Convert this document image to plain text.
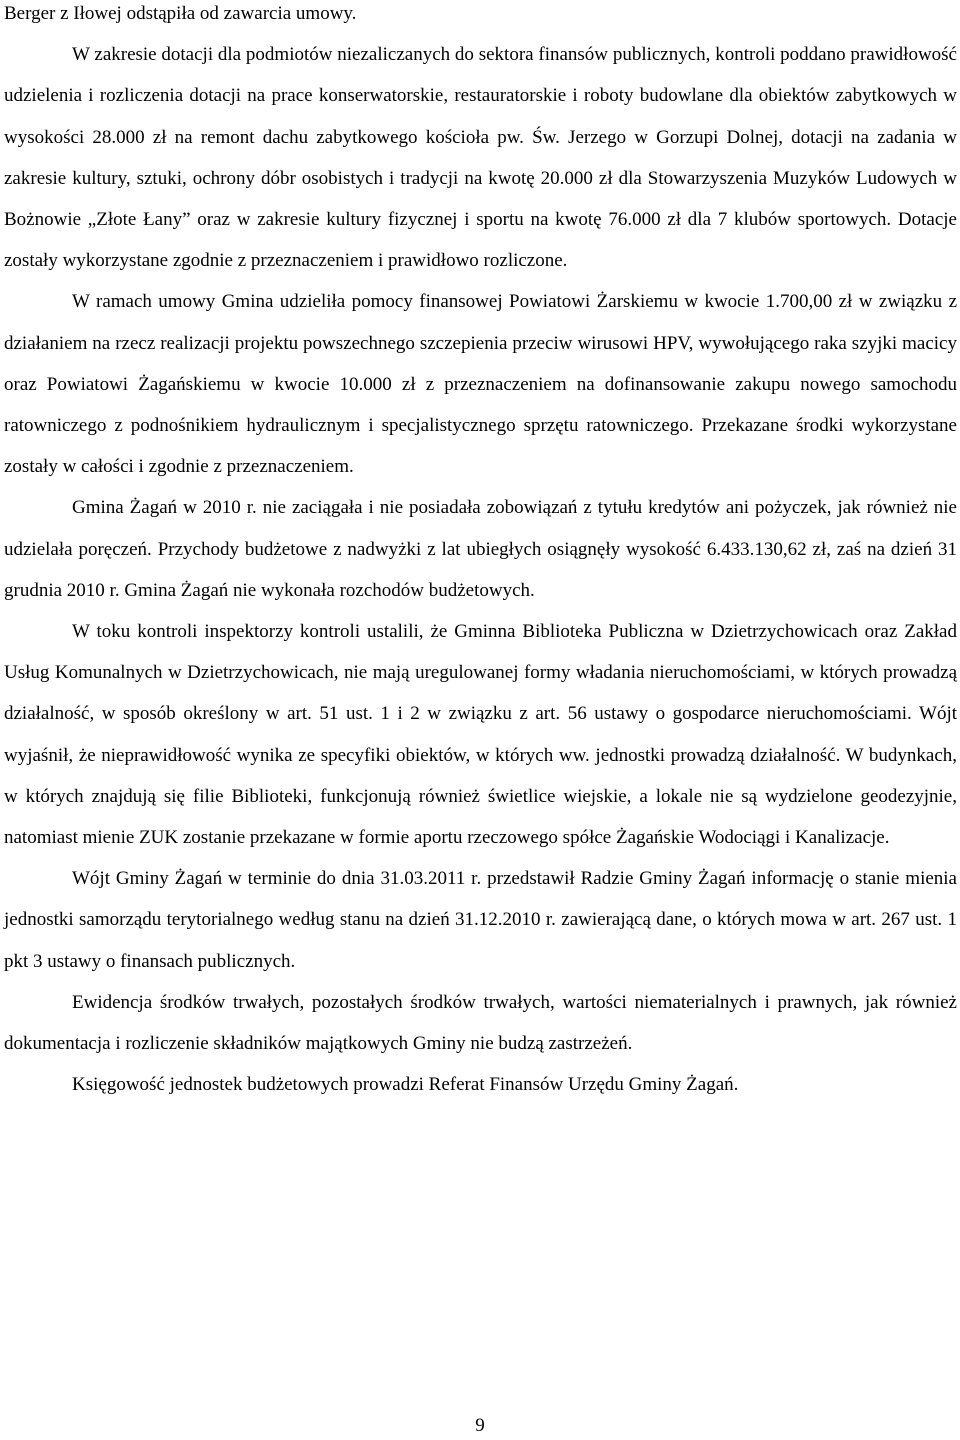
Berger z Iłowej odstąpiła od zawarcia umowy.

W zakresie dotacji dla podmiotów niezaliczanych do sektora finansów publicznych, kontroli poddano prawidłowość udzielenia i rozliczenia dotacji na prace konserwatorskie, restauratorskie i roboty budowlane dla obiektów zabytkowych w wysokości 28.000 zł na remont dachu zabytkowego kościoła pw. Św. Jerzego w Gorzupi Dolnej, dotacji na zadania w zakresie kultury, sztuki, ochrony dóbr osobistych i tradycji na kwotę 20.000 zł dla Stowarzyszenia Muzyków Ludowych w Bożnowie „Złote Łany” oraz w zakresie kultury fizycznej i sportu na kwotę 76.000 zł dla 7 klubów sportowych. Dotacje zostały wykorzystane zgodnie z przeznaczeniem i prawidłowo rozliczone.

W ramach umowy Gmina udzieliła pomocy finansowej Powiatowi Żarskiemu w kwocie 1.700,00 zł w związku z działaniem na rzecz realizacji projektu powszechnego szczepienia przeciw wirusowi HPV, wywołującego raka szyjki macicy oraz Powiatowi Żagańskiemu w kwocie 10.000 zł z przeznaczeniem na dofinansowanie zakupu nowego samochodu ratowniczego z podnośnikiem hydraulicznym i specjalistycznego sprzętu ratowniczego. Przekazane środki wykorzystane zostały w całości i zgodnie z przeznaczeniem.

Gmina Żagań w 2010 r. nie zaciągała i nie posiadała zobowiązań z tytułu kredytów ani pożyczek, jak również nie udzielała poręczeń. Przychody budżetowe z nadwyżki z lat ubiegłych osiągnęły wysokość 6.433.130,62 zł, zaś na dzień 31 grudnia 2010 r. Gmina Żagań nie wykonała rozchodów budżetowych.

W toku kontroli inspektorzy kontroli ustalili, że Gminna Biblioteka Publiczna w Dzietrzychowicach oraz Zakład Usług Komunalnych w Dzietrzychowicach, nie mają uregulowanej formy władania nieruchomościami, w których prowadzą działalność, w sposób określony w art. 51 ust. 1 i 2 w związku z art. 56 ustawy o gospodarce nieruchomościami. Wójt wyjaśnił, że nieprawidłowość wynika ze specyfiki obiektów, w których ww. jednostki prowadzą działalność. W budynkach, w których znajdują się filie Biblioteki, funkcjonują również świetlice wiejskie, a lokale nie są wydzielone geodezyjnie, natomiast mienie ZUK zostanie przekazane w formie aportu rzeczowego spółce Żagańskie Wodociągi i Kanalizacje.

Wójt Gminy Żagań w terminie do dnia 31.03.2011 r. przedstawił Radzie Gminy Żagań informację o stanie mienia jednostki samorządu terytorialnego według stanu na dzień 31.12.2010 r. zawierającą dane, o których mowa w art. 267 ust. 1 pkt 3 ustawy o finansach publicznych.

Ewidencja środków trwałych, pozostałych środków trwałych, wartości niematerialnych i prawnych, jak również dokumentacja i rozliczenie składników majątkowych Gminy nie budzą zastrzeżeń.

Księgowość jednostek budżetowych prowadzi Referat Finansów Urzędu Gminy Żagań.

9
